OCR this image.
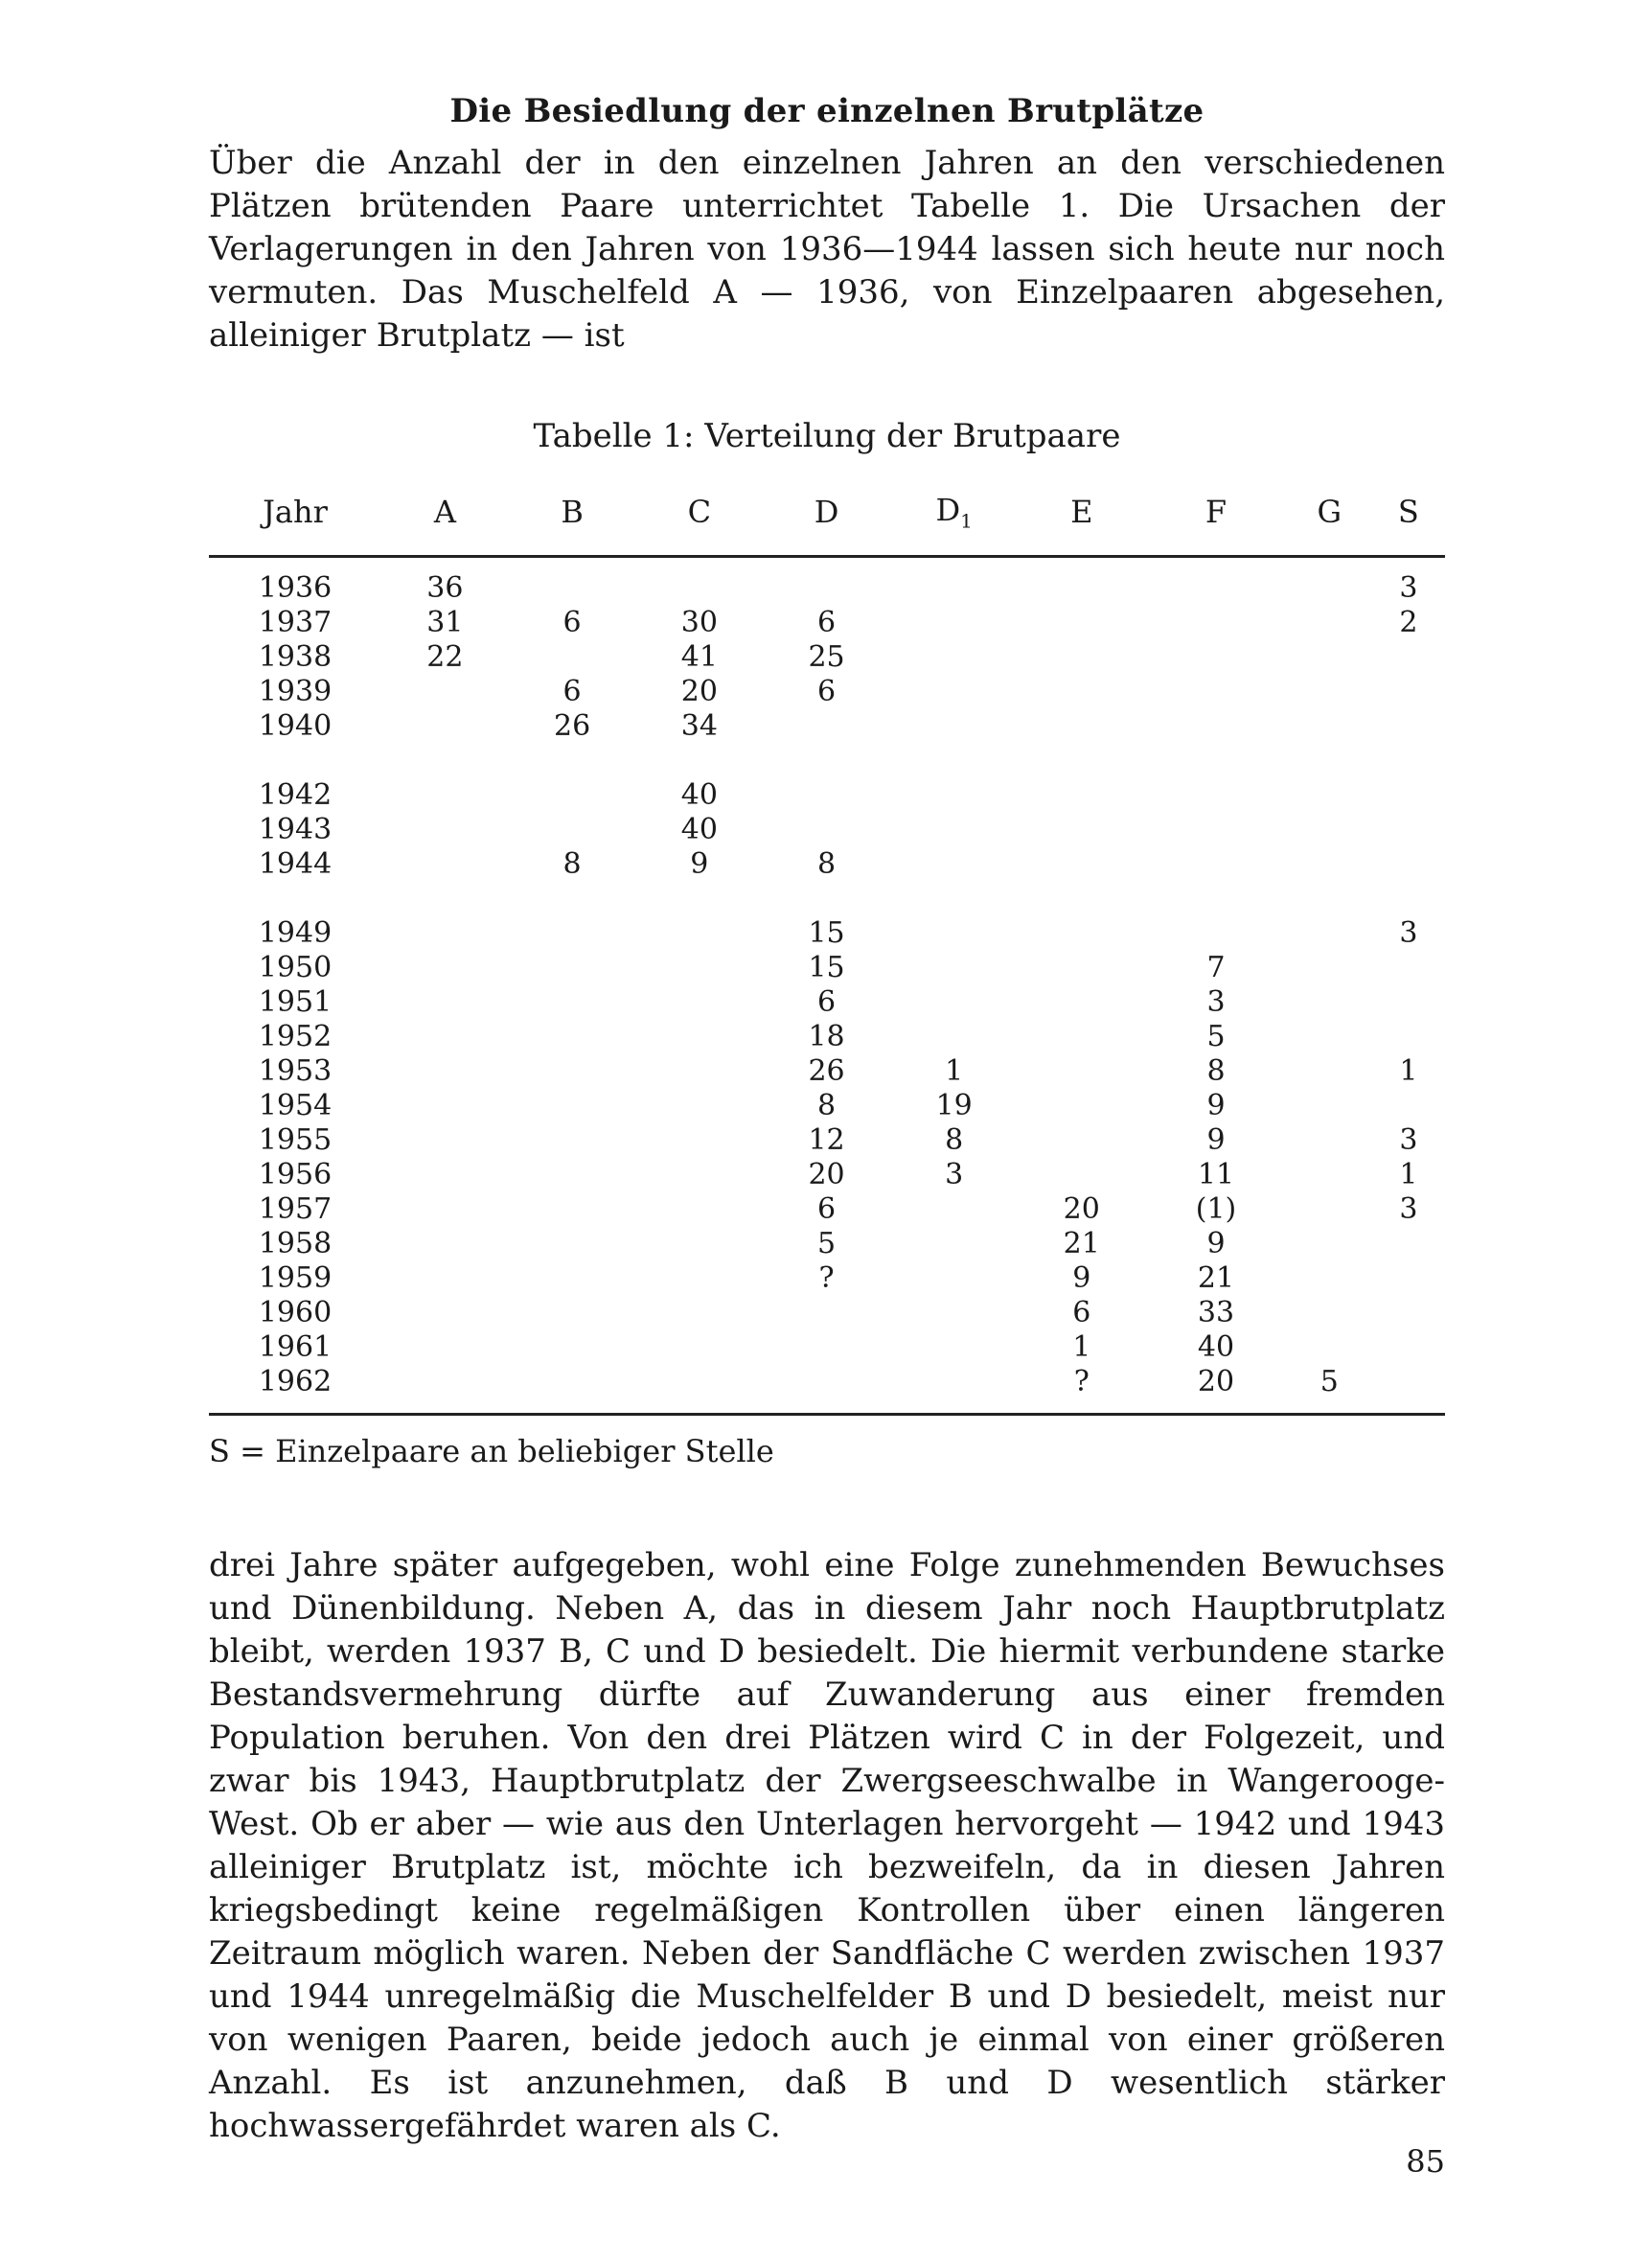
Die Besiedlung der einzelnen Brutplätze

Über die Anzahl der in den einzelnen Jahren an den verschiedenen Plätzen brütenden Paare unterrichtet Tabelle 1. Die Ursachen der Verlagerungen in den Jahren von 1936—1944 lassen sich heute nur noch vermuten. Das Muschelfeld A — 1936, von Einzelpaaren abgesehen, alleiniger Brutplatz — ist

Tabelle 1: Verteilung der Brutpaare
Jahr	A	B	C	D	$D_1$	E	F	G	S
1936	36								3
1937	31	6	30	6					2
1938	22		41	25					
1939		6	20	6					
1940		26	34						
1942			40						
1943			40						
1944		8	9	8					
1949				15					3
1950				15			7		
1951				6			3		
1952				18			5		
1953				26	1		8		1
1954				8	19		9		
1955				12	8		9		3
1956				20	3		11		1
1957				6		20	(1)		3
1958				5		21	9		
1959				?		9	21		
1960						6	33		
1961						1	40		
1962						?	20	5	
S = Einzelpaare an beliebiger Stelle

drei Jahre später aufgegeben, wohl eine Folge zunehmenden Bewuchses und Dünenbildung. Neben A, das in diesem Jahr noch Hauptbrutplatz bleibt, werden 1937 B, C und D besiedelt. Die hiermit verbundene starke Bestandsvermehrung dürfte auf Zuwanderung aus einer fremden Population beruhen. Von den drei Plätzen wird C in der Folgezeit, und zwar bis 1943, Hauptbrutplatz der Zwergseeschwalbe in Wangerooge-West. Ob er aber — wie aus den Unterlagen hervorgeht — 1942 und 1943 alleiniger Brutplatz ist, möchte ich bezweifeln, da in diesen Jahren kriegsbedingt keine regelmäßigen Kontrollen über einen längeren Zeitraum möglich waren. Neben der Sandfläche C werden zwischen 1937 und 1944 unregelmäßig die Muschelfelder B und D besiedelt, meist nur von wenigen Paaren, beide jedoch auch je einmal von einer größeren Anzahl. Es ist anzunehmen, daß B und D wesentlich stärker hochwassergefährdet waren als C.

85
